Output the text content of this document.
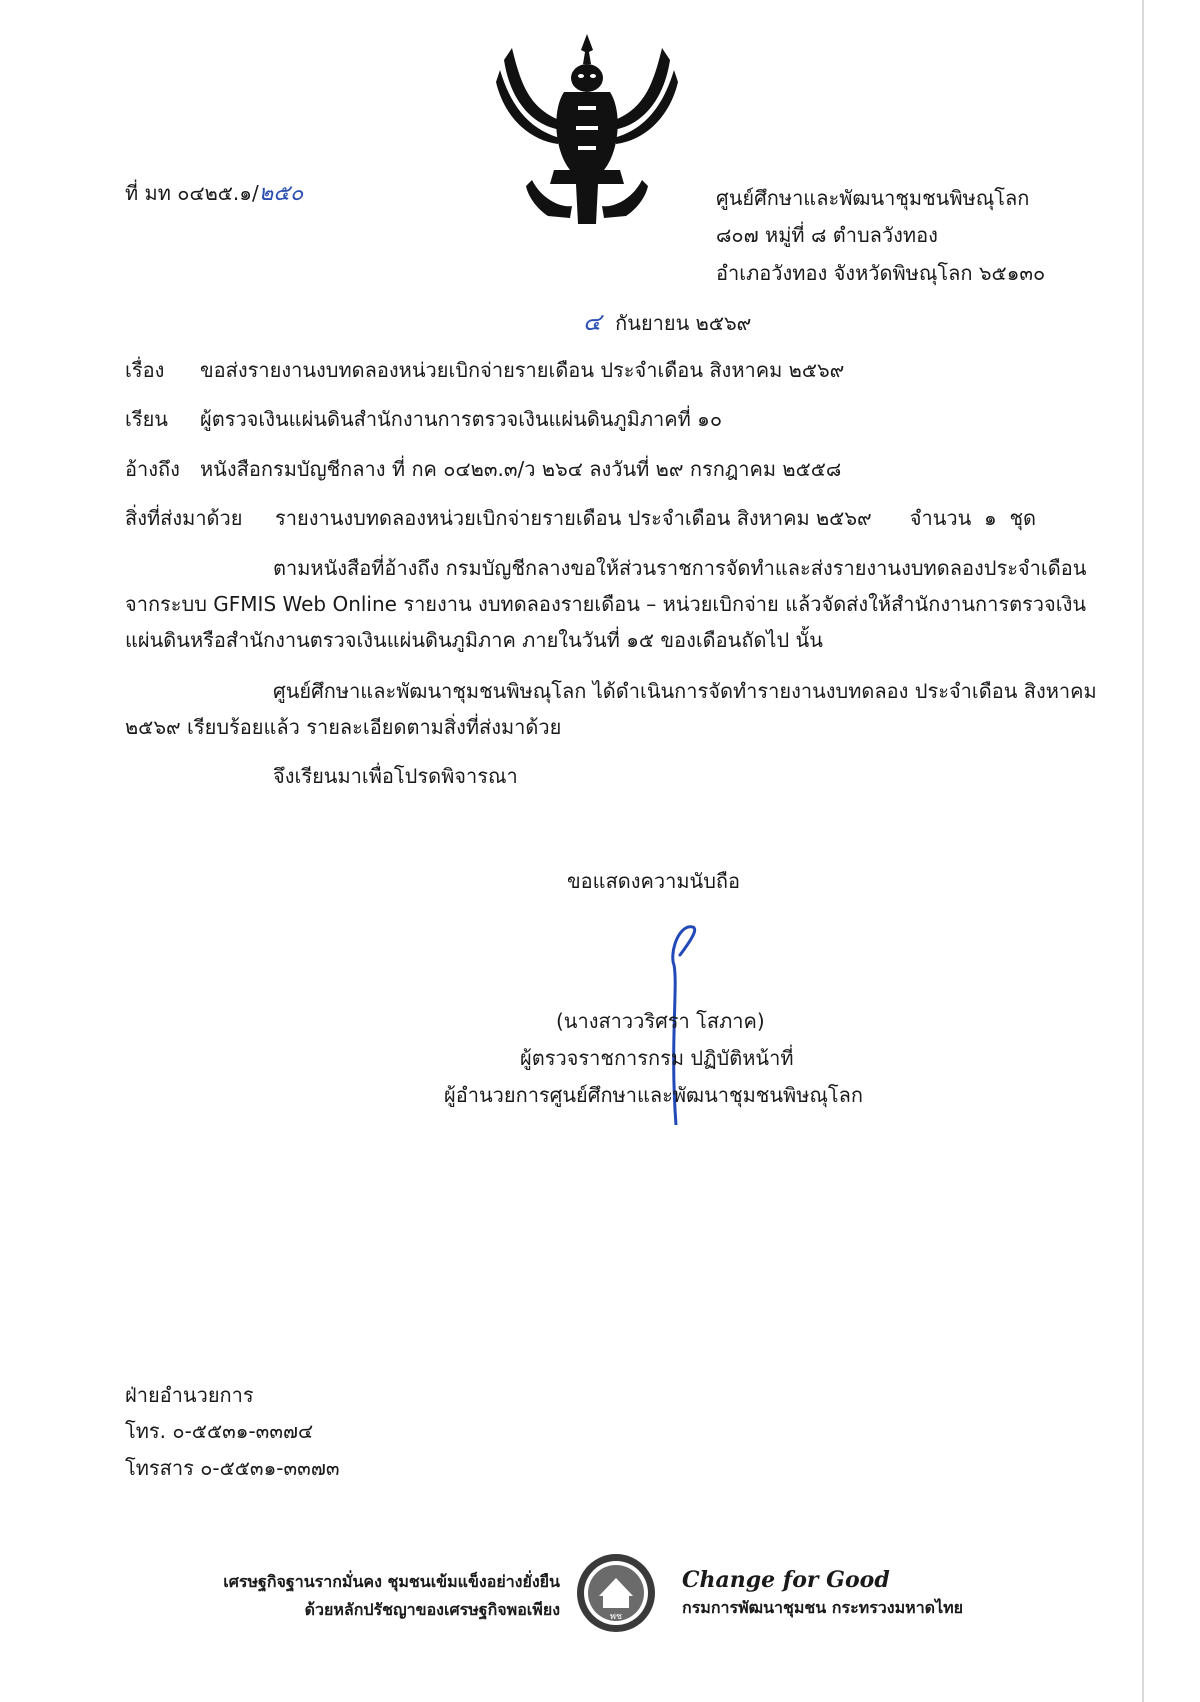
ที่ มท ๐๔๒๕.๑/๒๕๐	ศูนย์ศึกษาและพัฒนาชุมชนพิษณุโลก
๘๐๗ หมู่ที่ ๘ ตำบลวังทอง
อำเภอวังทอง จังหวัดพิษณุโลก ๖๕๑๓๐
๔ กันยายน ๒๕๖๙
เรื่อง ขอส่งรายงานงบทดลองหน่วยเบิกจ่ายรายเดือน ประจำเดือน สิงหาคม ๒๕๖๙
เรียน ผู้ตรวจเงินแผ่นดินสำนักงานการตรวจเงินแผ่นดินภูมิภาคที่ ๑๐
อ้างถึง หนังสือกรมบัญชีกลาง ที่ กค ๐๔๒๓.๓/ว ๒๖๔ ลงวันที่ ๒๙ กรกฎาคม ๒๕๕๘
สิ่งที่ส่งมาด้วย รายงานงบทดลองหน่วยเบิกจ่ายรายเดือน ประจำเดือน สิงหาคม ๒๕๖๙      จำนวน  ๑  ชุด
ตามหนังสือที่อ้างถึง กรมบัญชีกลางขอให้ส่วนราชการจัดทำและส่งรายงานงบทดลองประจำเดือนจากระบบ GFMIS Web Online รายงาน งบทดลองรายเดือน – หน่วยเบิกจ่าย แล้วจัดส่งให้สำนักงานการตรวจเงินแผ่นดินหรือสำนักงานตรวจเงินแผ่นดินภูมิภาค ภายในวันที่ ๑๕ ของเดือนถัดไป นั้น
ศูนย์ศึกษาและพัฒนาชุมชนพิษณุโลก ได้ดำเนินการจัดทำรายงานงบทดลอง ประจำเดือน สิงหาคม ๒๕๖๙ เรียบร้อยแล้ว รายละเอียดตามสิ่งที่ส่งมาด้วย
จึงเรียนมาเพื่อโปรดพิจารณา
ขอแสดงความนับถือ
(นางสาววริศรา โสภาค)
ผู้ตรวจราชการกรม ปฏิบัติหน้าที่
ผู้อำนวยการศูนย์ศึกษาและพัฒนาชุมชนพิษณุโลก
ฝ่ายอำนวยการ
โทร. ๐-๕๕๓๑-๓๓๗๔
โทรสาร ๐-๕๕๓๑-๓๓๗๓
เศรษฐกิจฐานรากมั่นคง ชุมชนเข้มแข็งอย่างยั่งยืน
ด้วยหลักปรัชญาของเศรษฐกิจพอเพียง	พช
Change for Good
กรมการพัฒนาชุมชน กระทรวงมหาดไทย
